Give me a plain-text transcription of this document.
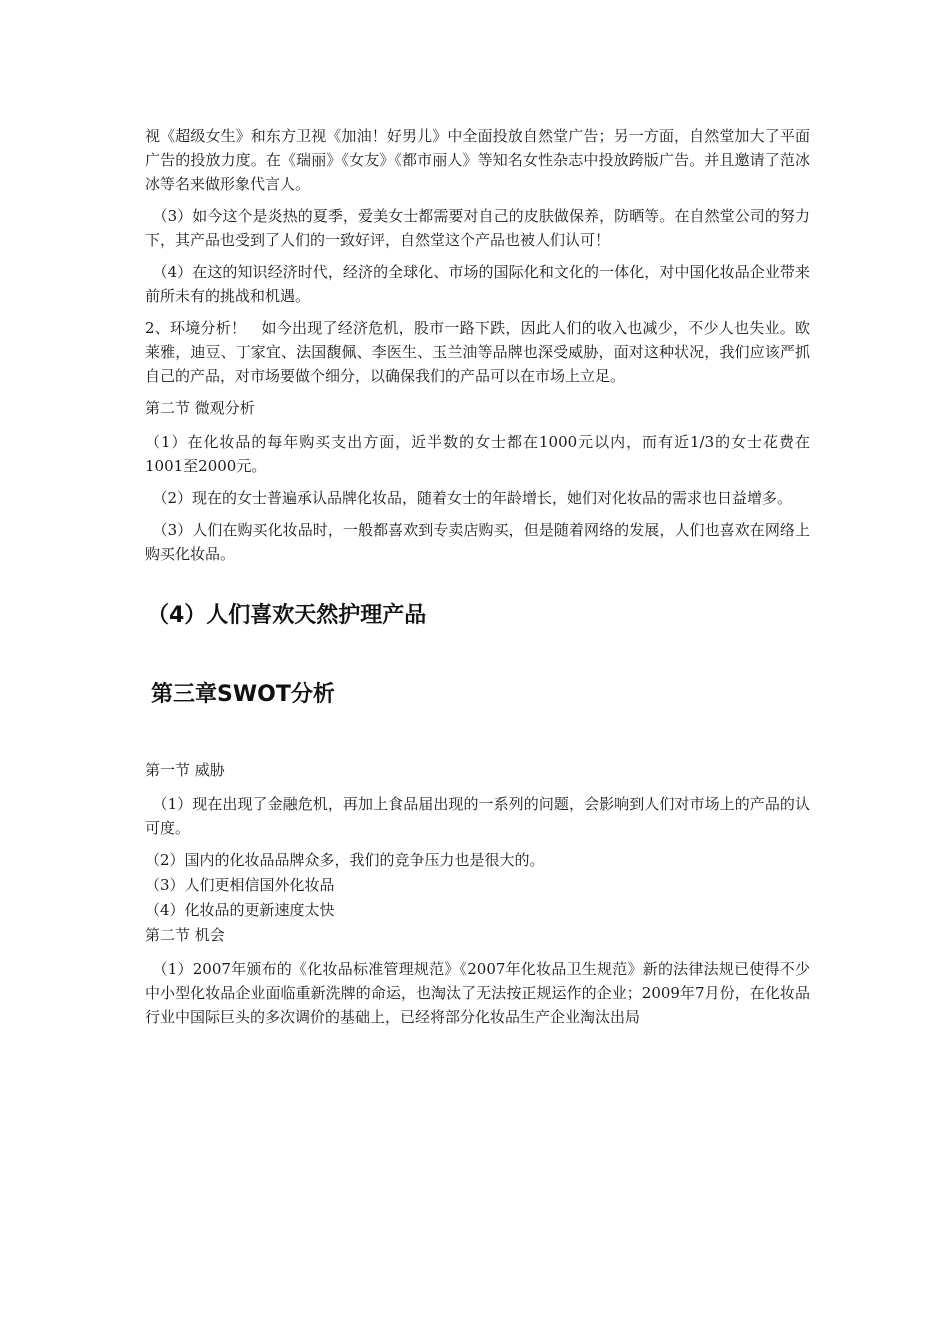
视《超级女生》和东方卫视《加油！好男儿》中全面投放自然堂广告；另一方面，自然堂加大了平面广告的投放力度。在《瑞丽》《女友》《都市丽人》等知名女性杂志中投放跨版广告。并且邀请了范冰冰等名来做形象代言人。

（3）如今这个是炎热的夏季，爱美女士都需要对自己的皮肤做保养，防晒等。在自然堂公司的努力下，其产品也受到了人们的一致好评，自然堂这个产品也被人们认可！

（4）在这的知识经济时代，经济的全球化、市场的国际化和文化的一体化，对中国化妆品企业带来前所未有的挑战和机遇。

2、环境分析！　如今出现了经济危机，股市一路下跌，因此人们的收入也减少，不少人也失业。欧莱雅，迪豆、丁家宜、法国馥佩、李医生、玉兰油等品牌也深受威胁，面对这种状况，我们应该严抓自己的产品，对市场要做个细分，以确保我们的产品可以在市场上立足。

第二节 微观分析

（1）在化妆品的每年购买支出方面，近半数的女士都在1000元以内，而有近1/3的女士花费在1001至2000元。

（2）现在的女士普遍承认品牌化妆品，随着女士的年龄增长，她们对化妆品的需求也日益增多。

（3）人们在购买化妆品时，一般都喜欢到专卖店购买，但是随着网络的发展，人们也喜欢在网络上购买化妆品。

（4）人们喜欢天然护理产品
第三章SWOT分析

第一节 威胁

（1）现在出现了金融危机，再加上食品届出现的一系列的问题，会影响到人们对市场上的产品的认可度。

（2）国内的化妆品品牌众多，我们的竞争压力也是很大的。

（3）人们更相信国外化妆品

（4）化妆品的更新速度太快

第二节 机会

（1）2007年颁布的《化妆品标准管理规范》《2007年化妆品卫生规范》新的法律法规已使得不少中小型化妆品企业面临重新洗牌的命运，也淘汰了无法按正规运作的企业；2009年7月份，在化妆品行业中国际巨头的多次调价的基础上，已经将部分化妆品生产企业淘汰出局
